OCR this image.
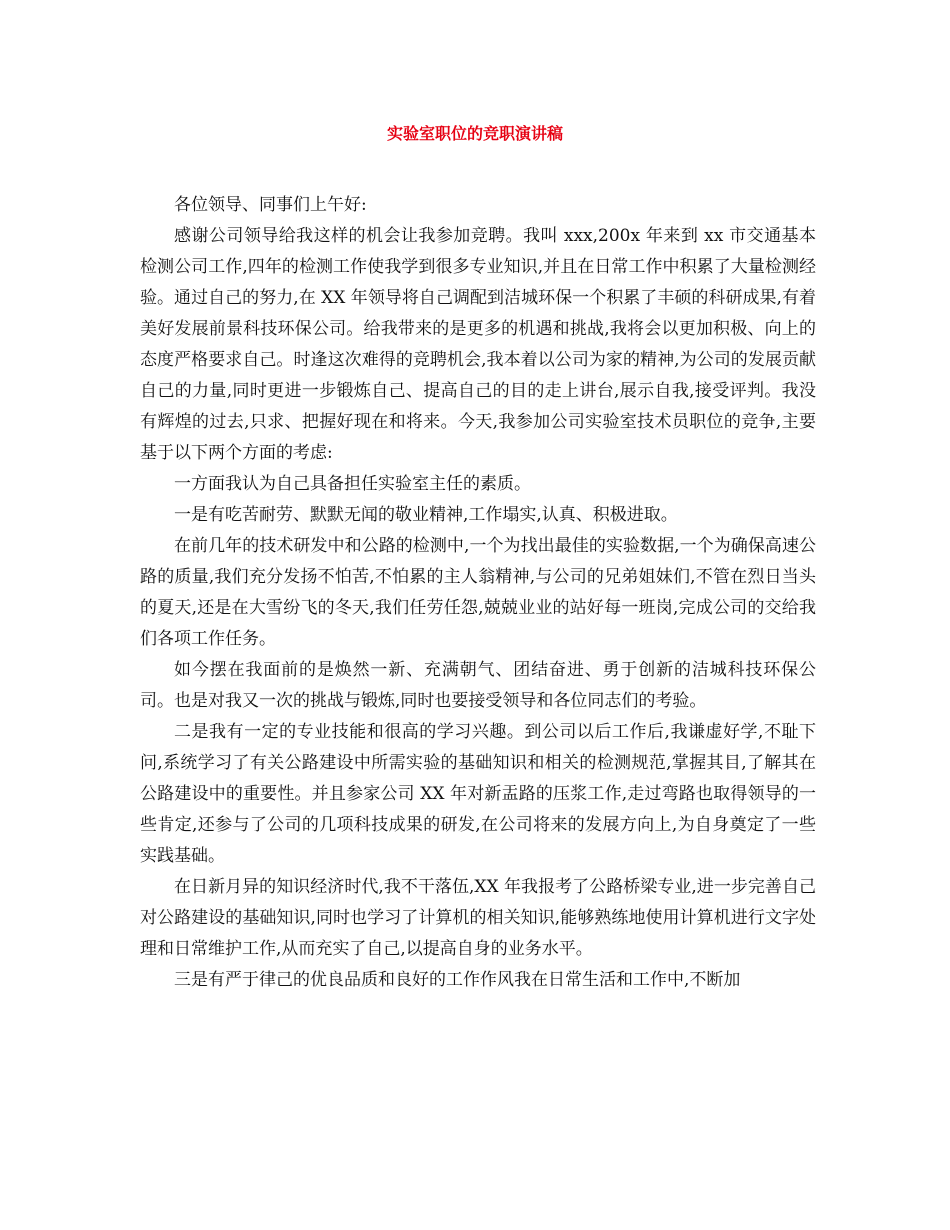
实验室职位的竞职演讲稿

各位领导、同事们上午好:

感谢公司领导给我这样的机会让我参加竞聘。我叫 xxx,200x 年来到 xx 市交通基本检测公司工作,四年的检测工作使我学到很多专业知识,并且在日常工作中积累了大量检测经验。通过自己的努力,在 XX 年领导将自己调配到洁城环保一个积累了丰硕的科研成果,有着美好发展前景科技环保公司。给我带来的是更多的机遇和挑战,我将会以更加积极、向上的态度严格要求自己。时逢这次难得的竞聘机会,我本着以公司为家的精神,为公司的发展贡献自己的力量,同时更进一步锻炼自己、提高自己的目的走上讲台,展示自我,接受评判。我没有辉煌的过去,只求、把握好现在和将来。今天,我参加公司实验室技术员职位的竞争,主要基于以下两个方面的考虑:

一方面我认为自己具备担任实验室主任的素质。

一是有吃苦耐劳、默默无闻的敬业精神,工作塌实,认真、积极进取。

在前几年的技术研发中和公路的检测中,一个为找出最佳的实验数据,一个为确保高速公路的质量,我们充分发扬不怕苦,不怕累的主人翁精神,与公司的兄弟姐妹们,不管在烈日当头的夏天,还是在大雪纷飞的冬天,我们任劳任怨,兢兢业业的站好每一班岗,完成公司的交给我们各项工作任务。

如今摆在我面前的是焕然一新、充满朝气、团结奋进、勇于创新的洁城科技环保公司。也是对我又一次的挑战与锻炼,同时也要接受领导和各位同志们的考验。

二是我有一定的专业技能和很高的学习兴趣。到公司以后工作后,我谦虚好学,不耻下问,系统学习了有关公路建设中所需实验的基础知识和相关的检测规范,掌握其目,了解其在公路建设中的重要性。并且参家公司 XX 年对新盂路的压浆工作,走过弯路也取得领导的一些肯定,还参与了公司的几项科技成果的研发,在公司将来的发展方向上,为自身奠定了一些实践基础。

在日新月异的知识经济时代,我不干落伍,XX 年我报考了公路桥梁专业,进一步完善自己对公路建设的基础知识,同时也学习了计算机的相关知识,能够熟练地使用计算机进行文字处理和日常维护工作,从而充实了自己,以提高自身的业务水平。

三是有严于律己的优良品质和良好的工作作风我在日常生活和工作中,不断加
